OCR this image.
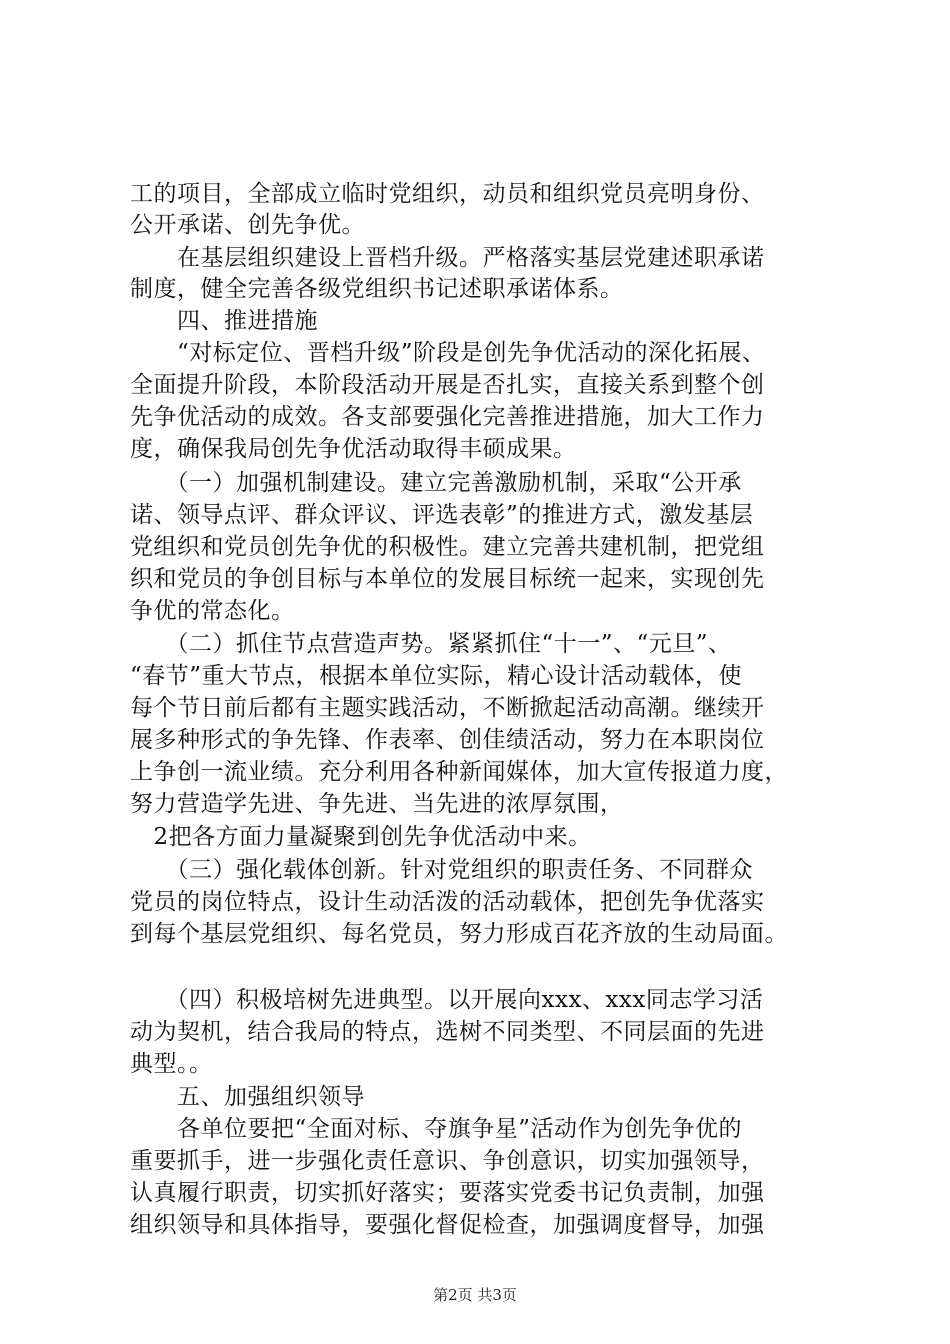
工的项目，全部成立临时党组织，动员和组织党员亮明身份、
公开承诺、创先争优。
　　在基层组织建设上晋档升级。严格落实基层党建述职承诺
制度，健全完善各级党组织书记述职承诺体系。
　　四、推进措施
　　“对标定位、晋档升级”阶段是创先争优活动的深化拓展、
全面提升阶段，本阶段活动开展是否扎实，直接关系到整个创
先争优活动的成效。各支部要强化完善推进措施，加大工作力
度，确保我局创先争优活动取得丰硕成果。
　　（一）加强机制建设。建立完善激励机制，采取“公开承
诺、领导点评、群众评议、评选表彰”的推进方式，激发基层
党组织和党员创先争优的积极性。建立完善共建机制，把党组
织和党员的争创目标与本单位的发展目标统一起来，实现创先
争优的常态化。
　　（二）抓住节点营造声势。紧紧抓住“十一”、“元旦”、
“春节”重大节点，根据本单位实际，精心设计活动载体，使
每个节日前后都有主题实践活动，不断掀起活动高潮。继续开
展多种形式的争先锋、作表率、创佳绩活动，努力在本职岗位
上争创一流业绩。充分利用各种新闻媒体，加大宣传报道力度，
努力营造学先进、争先进、当先进的浓厚氛围，
　2把各方面力量凝聚到创先争优活动中来。
　　（三）强化载体创新。针对党组织的职责任务、不同群众
党员的岗位特点，设计生动活泼的活动载体，把创先争优落实
到每个基层党组织、每名党员，努力形成百花齐放的生动局面。
　　（四）积极培树先进典型。以开展向xxx、xxx同志学习活
动为契机，结合我局的特点，选树不同类型、不同层面的先进
典型。。
　　五、加强组织领导
　　各单位要把“全面对标、夺旗争星”活动作为创先争优的
重要抓手，进一步强化责任意识、争创意识，切实加强领导，
认真履行职责，切实抓好落实；要落实党委书记负责制，加强
组织领导和具体指导，要强化督促检查，加强调度督导，加强
第2页 共3页
